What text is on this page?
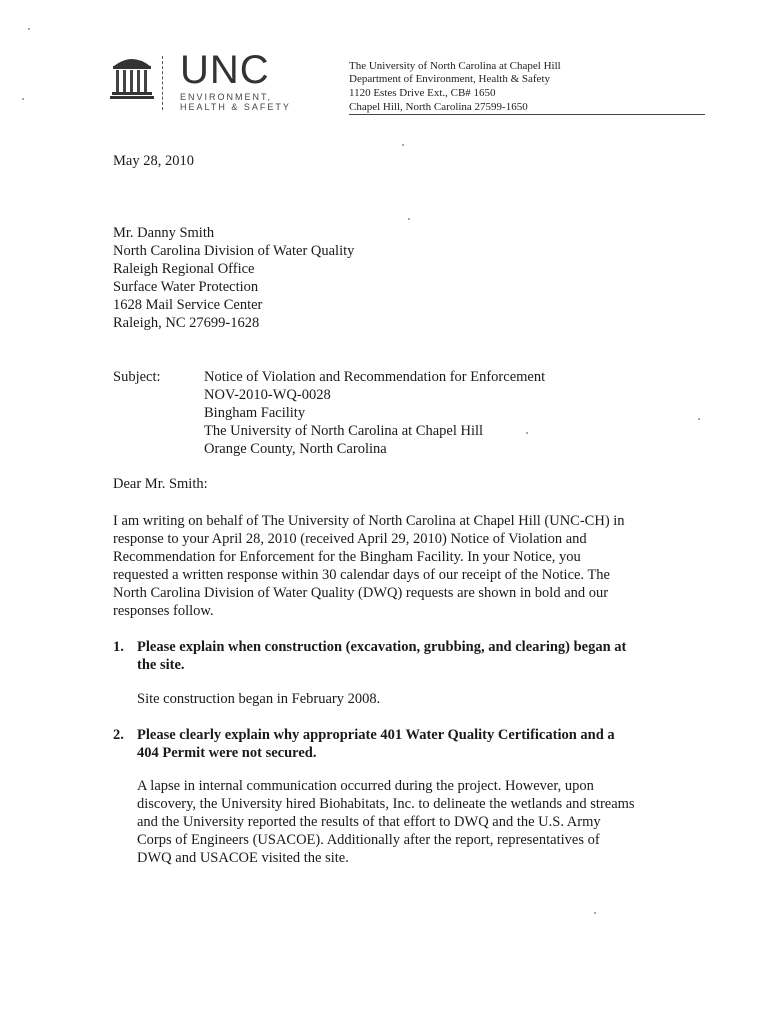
UNC
ENVIRONMENT,
HEALTH & SAFETY
The University of North Carolina at Chapel Hill
Department of Environment, Health & Safety
1120 Estes Drive Ext., CB# 1650
Chapel Hill, North Carolina 27599-1650
May 28, 2010
Mr. Danny Smith
North Carolina Division of Water Quality
Raleigh Regional Office
Surface Water Protection
1628 Mail Service Center
Raleigh, NC 27699-1628
Subject:	Notice of Violation and Recommendation for Enforcement
NOV-2010-WQ-0028
Bingham Facility
The University of North Carolina at Chapel Hill
Orange County, North Carolina
Dear Mr. Smith:
I am writing on behalf of The University of North Carolina at Chapel Hill (UNC-CH) in
response to your April 28, 2010 (received April 29, 2010) Notice of Violation and
Recommendation for Enforcement for the Bingham Facility. In your Notice, you
requested a written response within 30 calendar days of our receipt of the Notice. The
North Carolina Division of Water Quality (DWQ) requests are shown in bold and our
responses follow.
1. Please explain when construction (excavation, grubbing, and clearing) began at
the site.
Site construction began in February 2008.
2. Please clearly explain why appropriate 401 Water Quality Certification and a
404 Permit were not secured.
A lapse in internal communication occurred during the project. However, upon
discovery, the University hired Biohabitats, Inc. to delineate the wetlands and streams
and the University reported the results of that effort to DWQ and the U.S. Army
Corps of Engineers (USACOE). Additionally after the report, representatives of
DWQ and USACOE visited the site.
